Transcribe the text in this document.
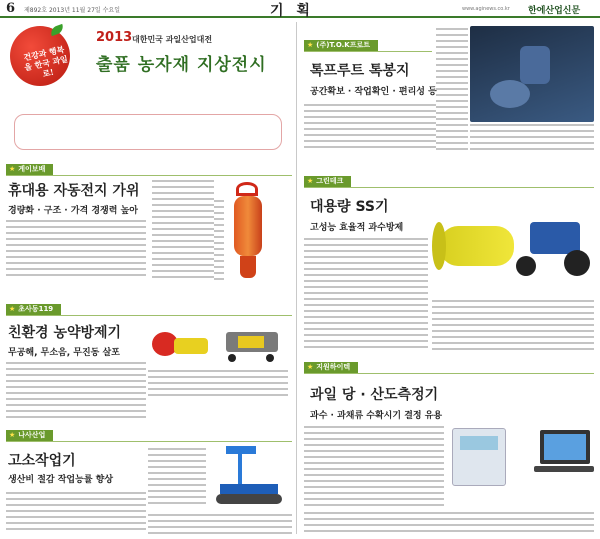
6 제892호 2013년 11월 27일 수요일	기 획	www.aginews.co.kr 한에산업신문
건강과 행복을 한국 과일로!
2013 대한민국 과일산업대전
출품 농자재 지상전시
★ 게이보배
휴대용 자동전지 가위
경량화 · 구조 · 가격 경쟁력 높아
★ 초사동119
친환경 농약방제기
무공해, 무소음, 무진동 살포
★ 나사산업
고소작업기
생산비 절감 작업능률 향상
★ (주)T.O.K프로트
톡프루트 톡봉지
공간확보 · 작업확인 · 편리성 등
★ 그린테크
대용량 SS기
고성능 효율적 과수방제
★ 지원하이텍
과일 당 · 산도측정기
과수 · 과채류 수확시기 결정 유용
